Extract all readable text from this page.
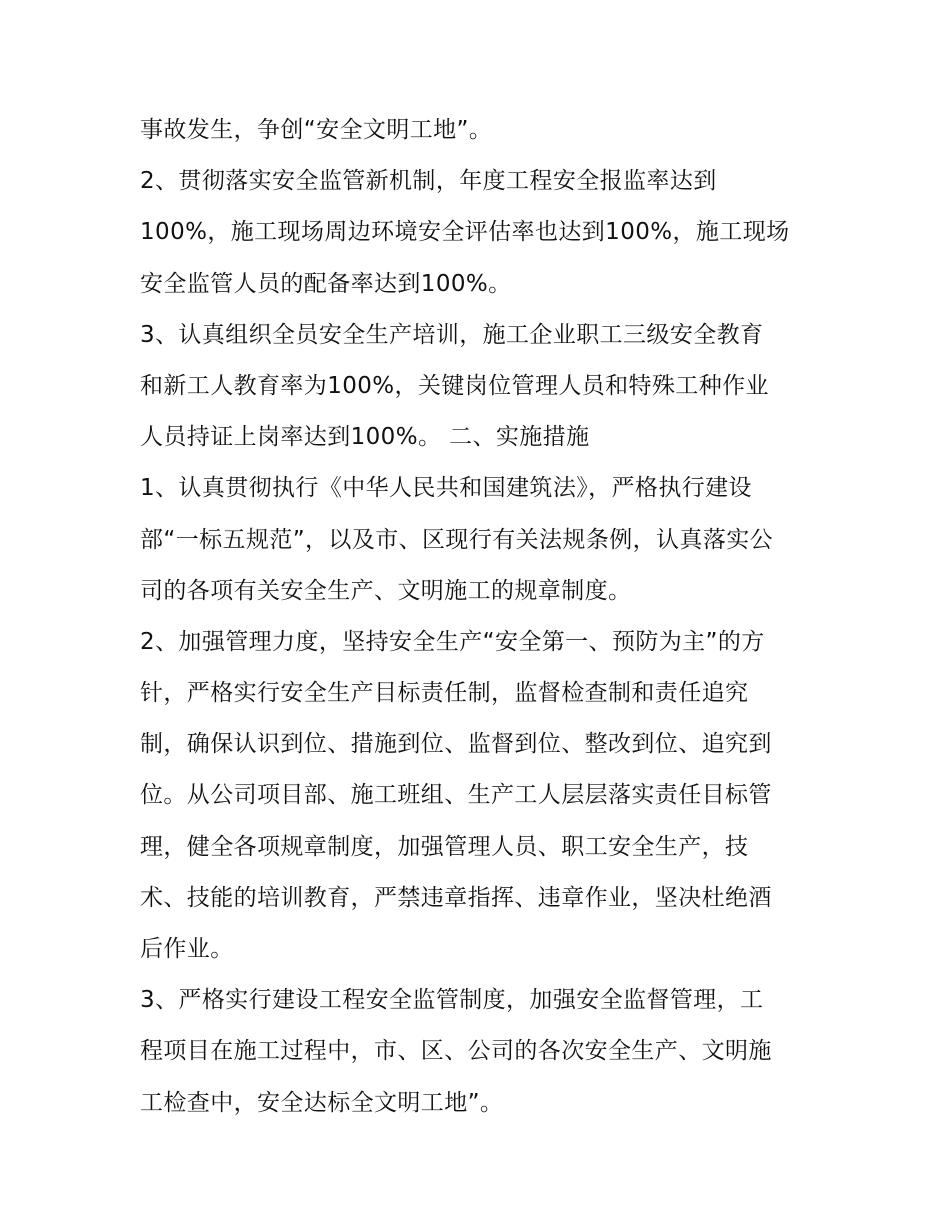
事故发生，争创“安全文明工地”。
2、贯彻落实安全监管新机制，年度工程安全报监率达到
100%，施工现场周边环境安全评估率也达到100%，施工现场
安全监管人员的配备率达到100%。
3、认真组织全员安全生产培训，施工企业职工三级安全教育
和新工人教育率为100%，关键岗位管理人员和特殊工种作业
人员持证上岗率达到100%。 二、实施措施
1、认真贯彻执行《中华人民共和国建筑法》，严格执行建设
部“一标五规范”，以及市、区现行有关法规条例，认真落实公
司的各项有关安全生产、文明施工的规章制度。
2、加强管理力度，坚持安全生产“安全第一、预防为主”的方
针，严格实行安全生产目标责任制，监督检查制和责任追究
制，确保认识到位、措施到位、监督到位、整改到位、追究到
位。从公司项目部、施工班组、生产工人层层落实责任目标管
理，健全各项规章制度，加强管理人员、职工安全生产，技
术、技能的培训教育，严禁违章指挥、违章作业，坚决杜绝酒
后作业。
3、严格实行建设工程安全监管制度，加强安全监督管理，工
程项目在施工过程中，市、区、公司的各次安全生产、文明施
工检查中，安全达标全文明工地”。
